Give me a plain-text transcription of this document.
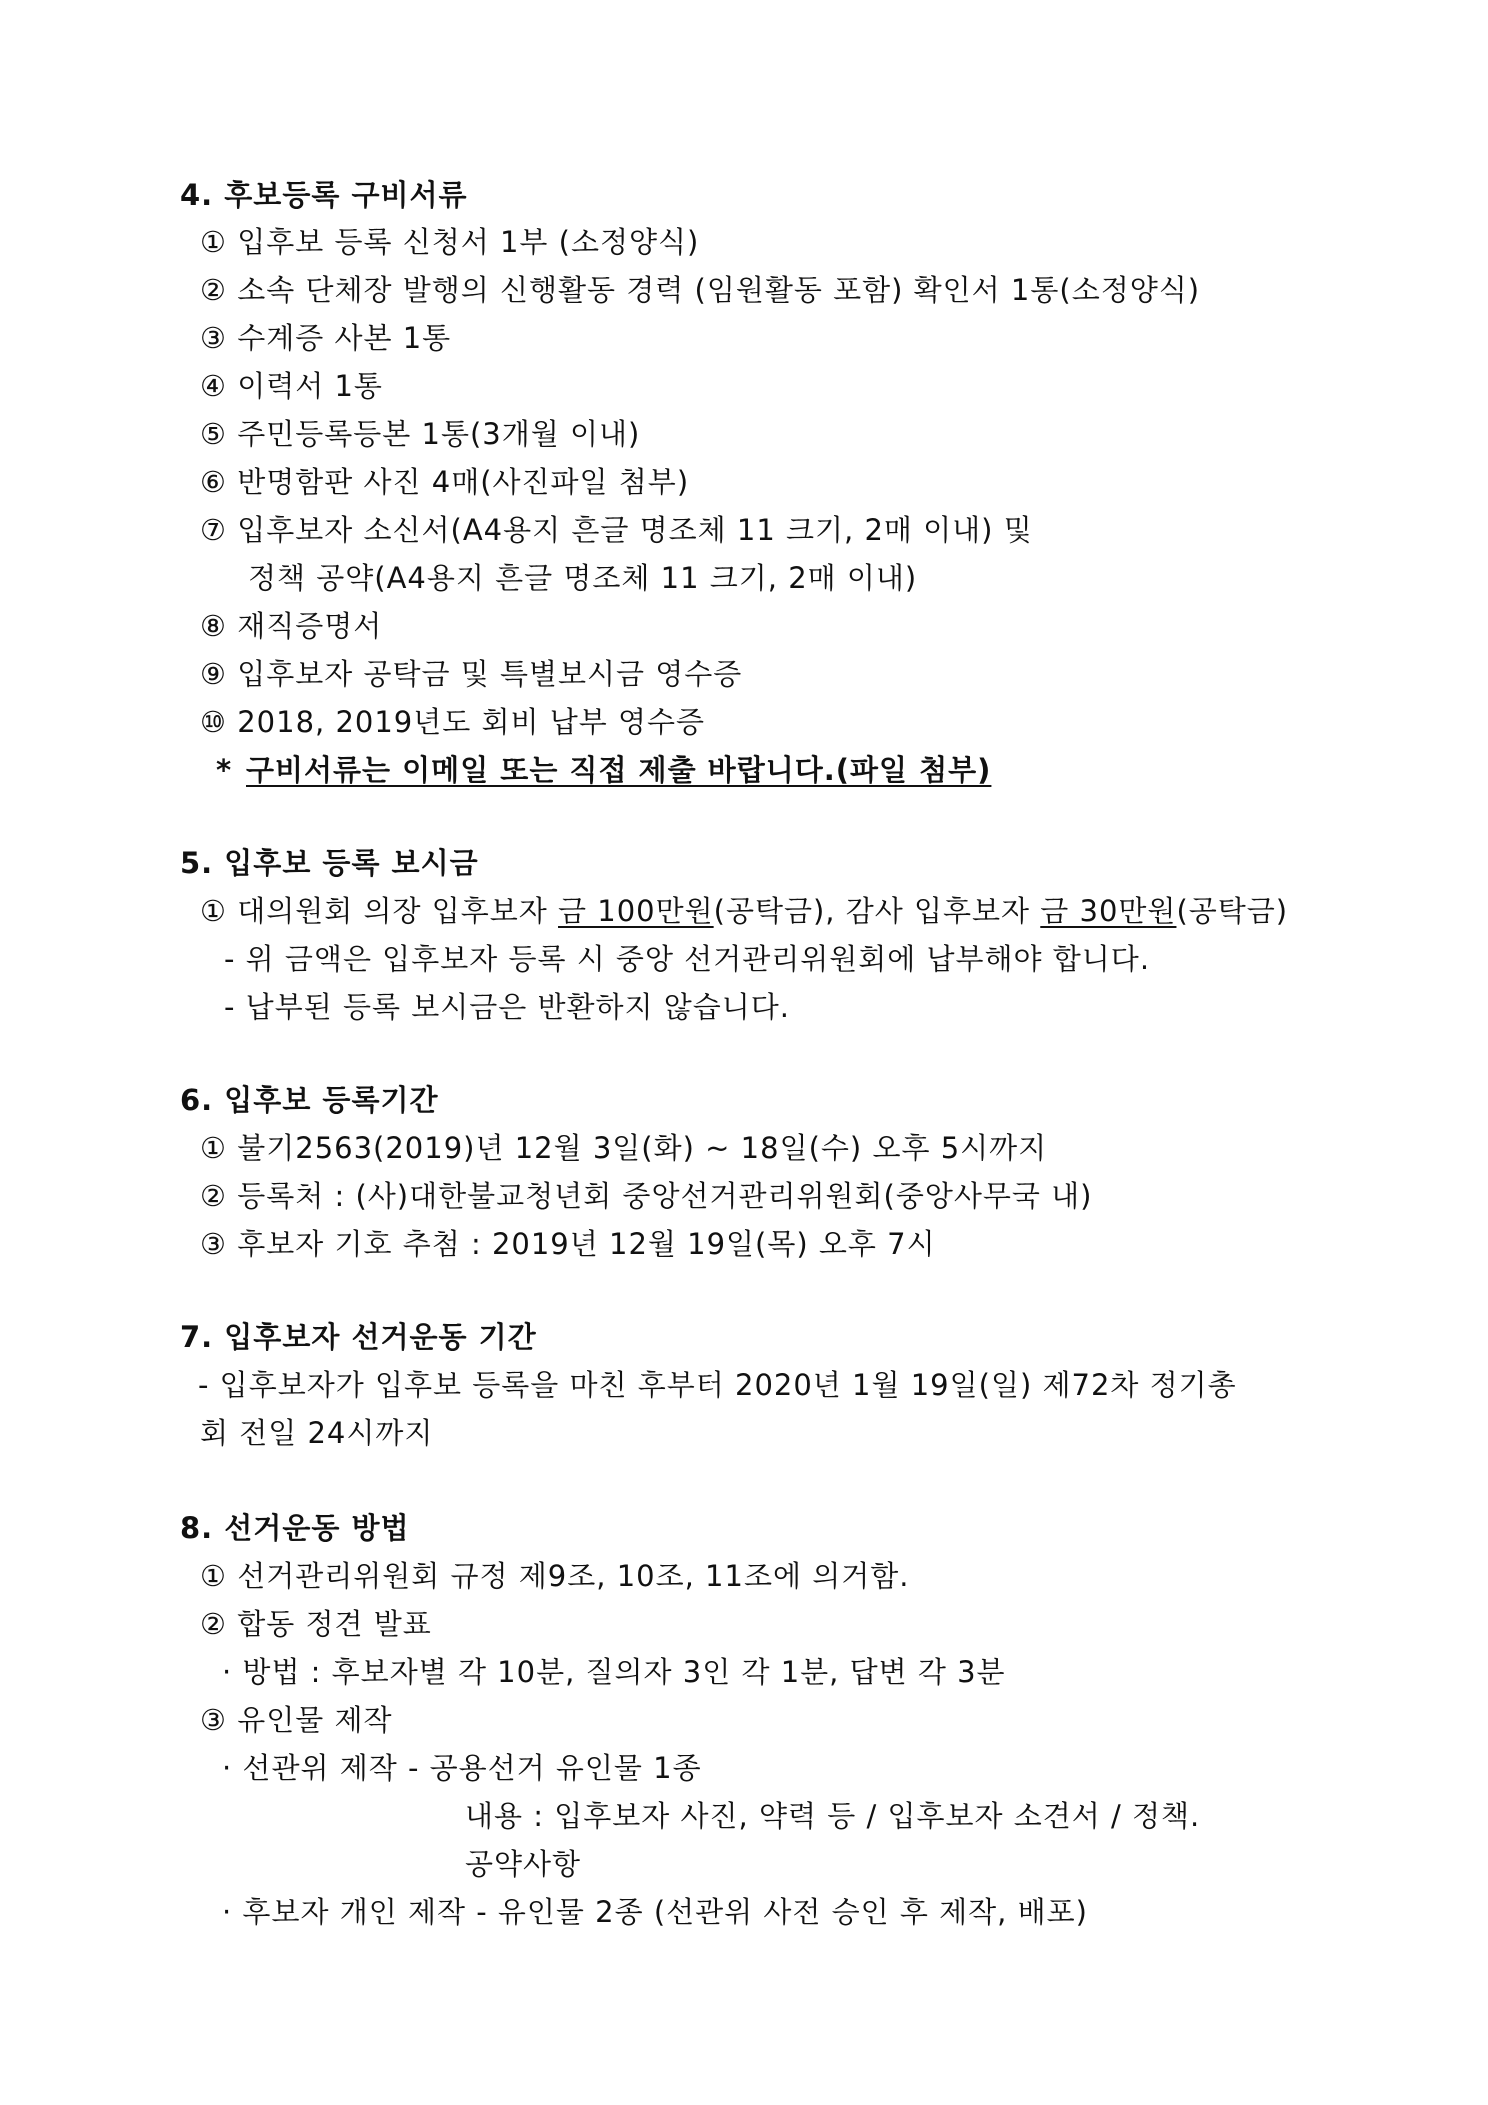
4. 후보등록 구비서류
① 입후보 등록 신청서 1부 (소정양식)
② 소속 단체장 발행의 신행활동 경력 (임원활동 포함) 확인서 1통(소정양식)
③ 수계증 사본 1통
④ 이력서 1통
⑤ 주민등록등본 1통(3개월 이내)
⑥ 반명함판 사진 4매(사진파일 첨부)
⑦ 입후보자 소신서(A4용지 흔글 명조체 11 크기, 2매 이내) 및
정책 공약(A4용지 흔글 명조체 11 크기, 2매 이내)
⑧ 재직증명서
⑨ 입후보자 공탁금 및 특별보시금 영수증
⑩ 2018, 2019년도 회비 납부 영수증
* 구비서류는 이메일 또는 직접 제출 바랍니다.(파일 첨부)
5. 입후보 등록 보시금
① 대의원회 의장 입후보자 금 100만원(공탁금), 감사 입후보자 금 30만원(공탁금)
- 위 금액은 입후보자 등록 시 중앙 선거관리위원회에 납부해야 합니다.
- 납부된 등록 보시금은 반환하지 않습니다.
6. 입후보 등록기간
① 불기2563(2019)년 12월 3일(화) ~ 18일(수) 오후 5시까지
② 등록처 : (사)대한불교청년회 중앙선거관리위원회(중앙사무국 내)
③ 후보자 기호 추첨 : 2019년 12월 19일(목) 오후 7시
7. 입후보자 선거운동 기간
- 입후보자가 입후보 등록을 마친 후부터 2020년 1월 19일(일) 제72차 정기총
회 전일 24시까지
8. 선거운동 방법
① 선거관리위원회 규정 제9조, 10조, 11조에 의거함.
② 합동 정견 발표
· 방법 : 후보자별 각 10분, 질의자 3인 각 1분, 답변 각 3분
③ 유인물 제작
· 선관위 제작 - 공용선거 유인물 1종
내용 : 입후보자 사진, 약력 등 / 입후보자 소견서 / 정책.
공약사항
· 후보자 개인 제작 - 유인물 2종 (선관위 사전 승인 후 제작, 배포)
